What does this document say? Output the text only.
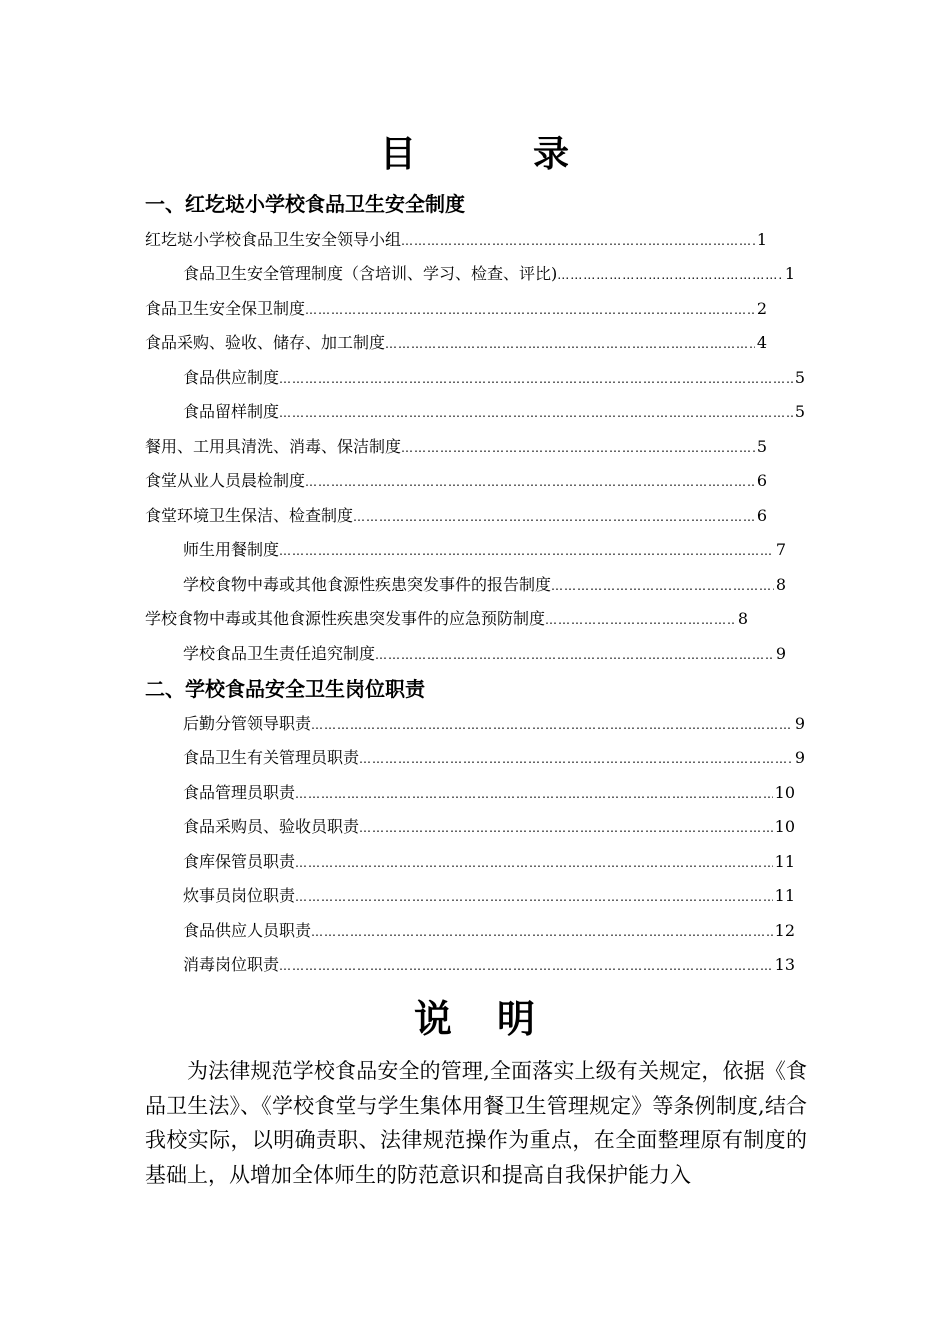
目	录
一、红圪垯小学校食品卫生安全制度
红圪垯小学校食品卫生安全领导小组 …………………………………………………………………………………………………………………………………………………………………………………………………………	1
食品卫生安全管理制度（含培训、学习、检查、评比) …………………………………………………………………………………………………………………………………………………………………………………………………………	1
食品卫生安全保卫制度 …………………………………………………………………………………………………………………………………………………………………………………………………………	2
食品采购、验收、储存、加工制度 …………………………………………………………………………………………………………………………………………………………………………………………………………	4
食品供应制度 …………………………………………………………………………………………………………………………………………………………………………………………………………	5
食品留样制度 …………………………………………………………………………………………………………………………………………………………………………………………………………	5
餐用、工用具清洗、消毒、保洁制度 …………………………………………………………………………………………………………………………………………………………………………………………………………	5
食堂从业人员晨检制度 …………………………………………………………………………………………………………………………………………………………………………………………………………	6
食堂环境卫生保洁、检查制度 …………………………………………………………………………………………………………………………………………………………………………………………………………	6
师生用餐制度 …………………………………………………………………………………………………………………………………………………………………………………………………………	7
学校食物中毒或其他食源性疾患突发事件的报告制度 …………………………………………………………………………………………………………………………………………………………………………………………………………	8
学校食物中毒或其他食源性疾患突发事件的应急预防制度 …………………………………………………………………………………………………………………………………………………………………………………………………………	8
学校食品卫生责任追究制度 …………………………………………………………………………………………………………………………………………………………………………………………………………	9
二、学校食品安全卫生岗位职责
后勤分管领导职责 …………………………………………………………………………………………………………………………………………………………………………………………………………	9
食品卫生有关管理员职责 …………………………………………………………………………………………………………………………………………………………………………………………………………	9
食品管理员职责 …………………………………………………………………………………………………………………………………………………………………………………………………………	10
食品采购员、验收员职责 …………………………………………………………………………………………………………………………………………………………………………………………………………	10
食库保管员职责 …………………………………………………………………………………………………………………………………………………………………………………………………………	11
炊事员岗位职责 …………………………………………………………………………………………………………………………………………………………………………………………………………	11
食品供应人员职责 …………………………………………………………………………………………………………………………………………………………………………………………………………	12
消毒岗位职责 …………………………………………………………………………………………………………………………………………………………………………………………………………	13
说 明
为法律规范学校食品安全的管理,全面落实上级有关规定，依据《食品卫生法》、《学校食堂与学生集体用餐卫生管理规定》等条例制度,结合我校实际，以明确责职、法律规范操作为重点，在全面整理原有制度的基础上，从增加全体师生的防范意识和提高自我保护能力入
